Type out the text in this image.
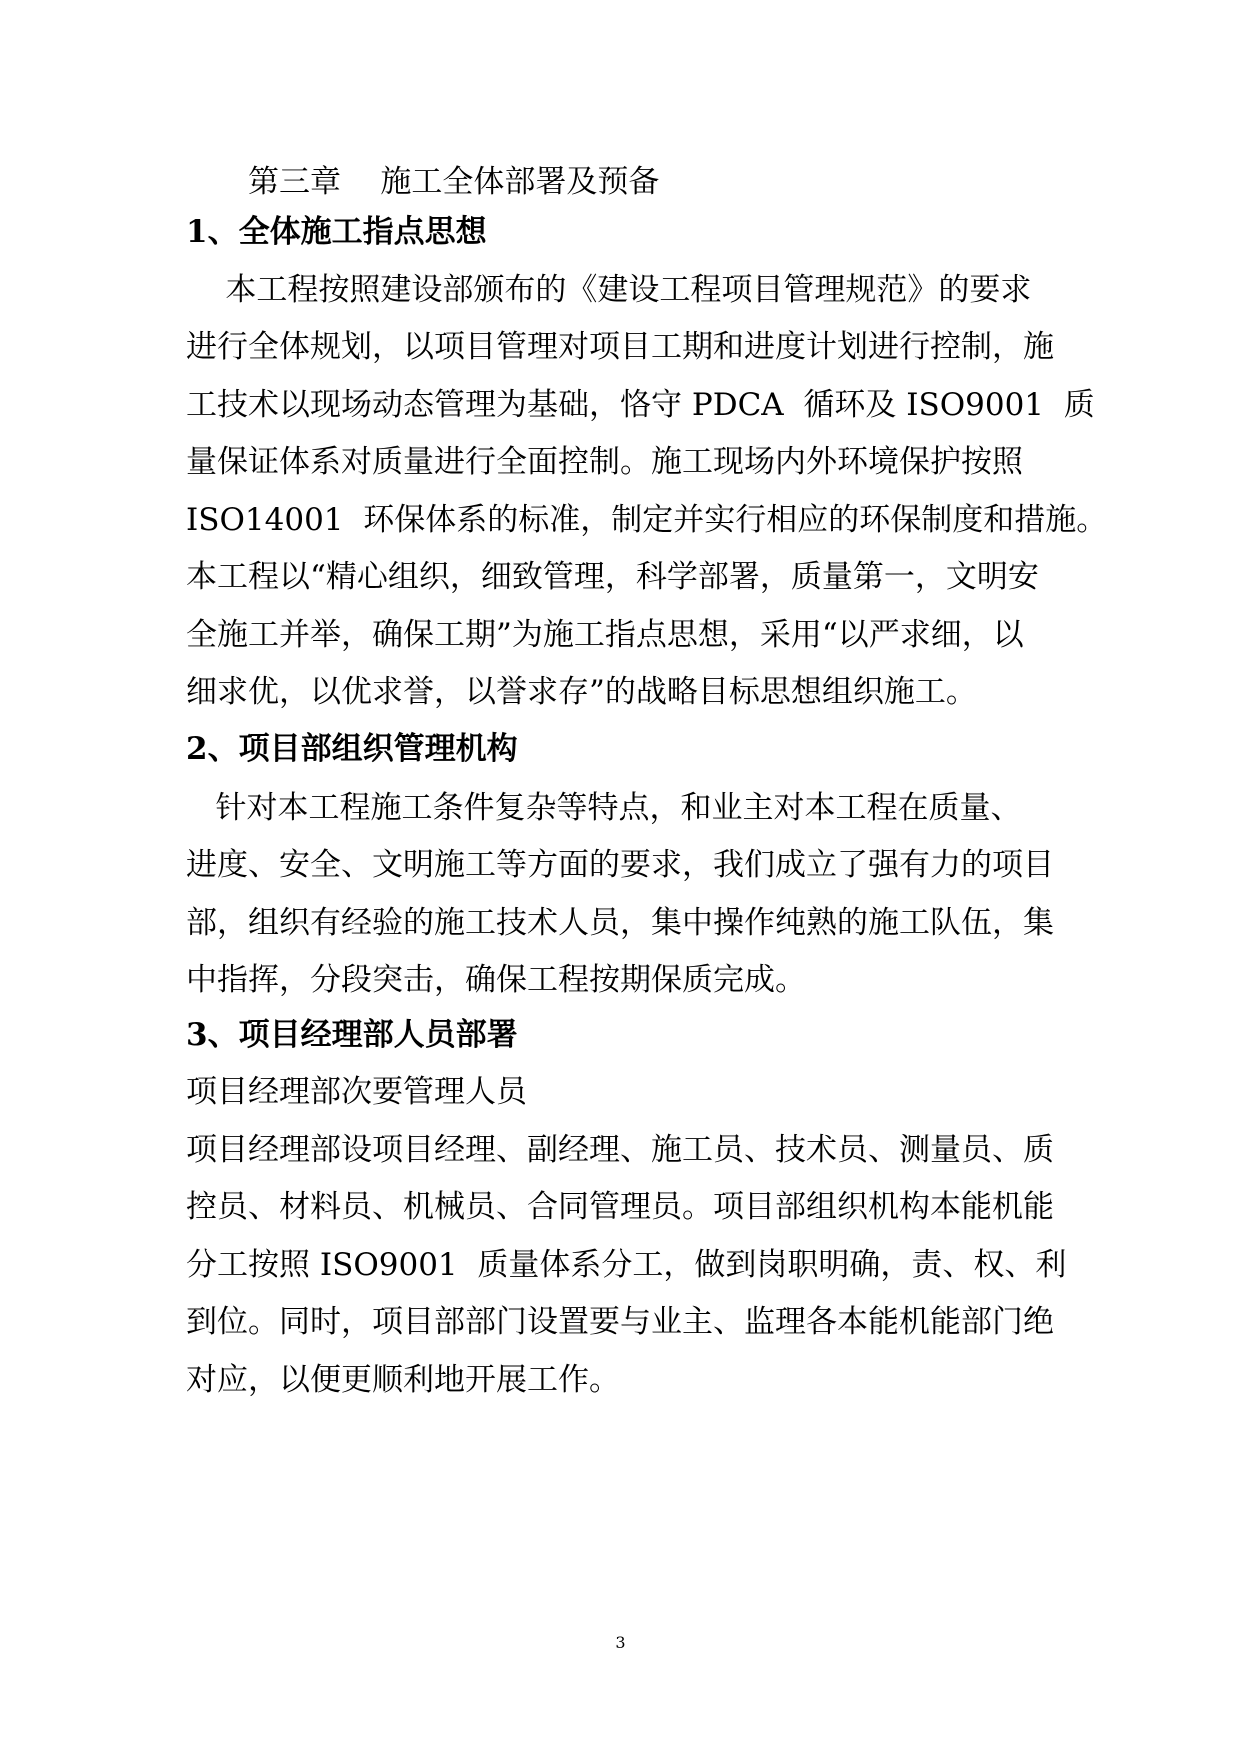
第三章    施工全体部署及预备
1、全体施工指点思想
本工程按照建设部颁布的《建设工程项目管理规范》的要求
进行全体规划，以项目管理对项目工期和进度计划进行控制，施
工技术以现场动态管理为基础，恪守 PDCA  循环及 ISO9001  质
量保证体系对质量进行全面控制。施工现场内外环境保护按照
ISO14001  环保体系的标准，制定并实行相应的环保制度和措施。
本工程以“精心组织，细致管理，科学部署，质量第一，文明安
全施工并举，确保工期”为施工指点思想，采用“以严求细，以
细求优，以优求誉，以誉求存”的战略目标思想组织施工。
2、项目部组织管理机构
针对本工程施工条件复杂等特点，和业主对本工程在质量、
进度、安全、文明施工等方面的要求，我们成立了强有力的项目
部，组织有经验的施工技术人员，集中操作纯熟的施工队伍，集
中指挥，分段突击，确保工程按期保质完成。
3、项目经理部人员部署
项目经理部次要管理人员
项目经理部设项目经理、副经理、施工员、技术员、测量员、质
控员、材料员、机械员、合同管理员。项目部组织机构本能机能
分工按照 ISO9001  质量体系分工，做到岗职明确，责、权、利
到位。同时，项目部部门设置要与业主、监理各本能机能部门绝
对应，以便更顺利地开展工作。
3
